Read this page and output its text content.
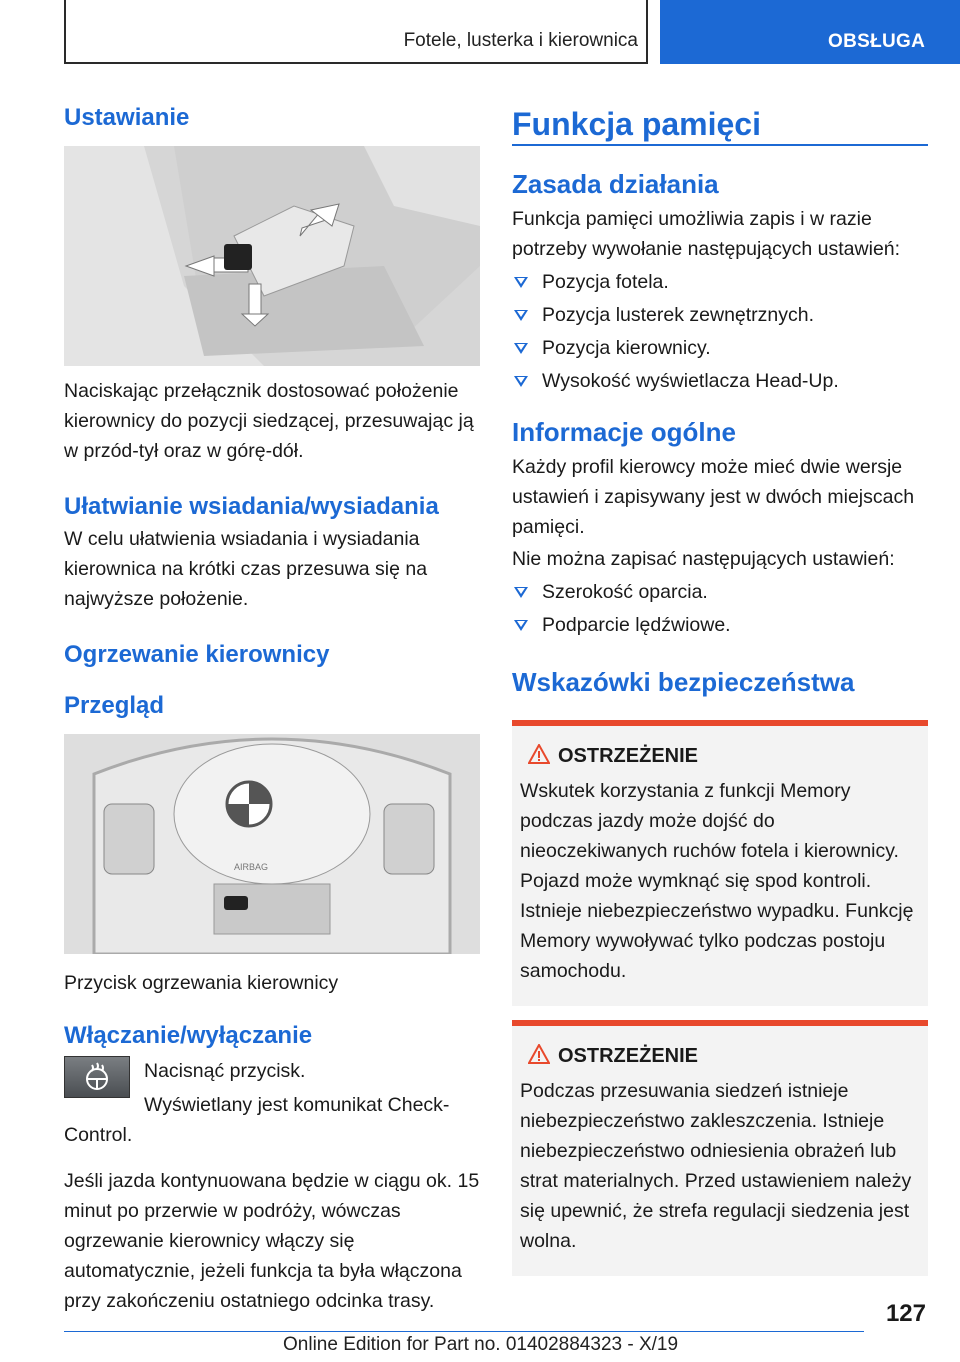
Fotele, lusterka i kierownica	OBSŁUGA
Ustawianie

Naciskając przełącznik dostosować położenie kierownicy do pozycji siedzącej, przesuwając ją w przód-tył oraz w górę-dół.

Ułatwianie wsiadania/wysiadania

W celu ułatwienia wsiadania i wysiadania kierownica na krótki czas przesuwa się na najwyższe położenie.

Ogrzewanie kierownicy
Przegląd
AIRBAG

Przycisk ogrzewania kierownicy

Włączanie/wyłączanie

Nacisnąć przycisk.

Wyświetlany jest komunikat Check-Control.

Jeśli jazda kontynuowana będzie w ciągu ok. 15 minut po przerwie w podróży, wówczas ogrzewanie kierownicy włączy się automatycznie, jeżeli funkcja ta była włączona przy zakończeniu ostatniego odcinka trasy.

Funkcja pamięci
Zasada działania

Funkcja pamięci umożliwia zapis i w razie potrzeby wywołanie następujących ustawień:

Pozycja fotela.
Pozycja lusterek zewnętrznych.
Pozycja kierownicy.
Wysokość wyświetlacza Head-Up.
Informacje ogólne

Każdy profil kierowcy może mieć dwie wersje ustawień i zapisywany jest w dwóch miejscach pamięci.

Nie można zapisać następujących ustawień:

Szerokość oparcia.
Podparcie lędźwiowe.
Wskazówki bezpieczeństwa
OSTRZEŻENIE

Wskutek korzystania z funkcji Memory podczas jazdy może dojść do nieoczekiwanych ruchów fotela i kierownicy. Pojazd może wymknąć się spod kontroli. Istnieje niebezpieczeństwo wypadku. Funkcję Memory wywoływać tylko podczas postoju samochodu.

OSTRZEŻENIE

Podczas przesuwania siedzeń istnieje niebezpieczeństwo zakleszczenia. Istnieje niebezpieczeństwo odniesienia obrażeń lub strat materialnych. Przed ustawieniem należy się upewnić, że strefa regulacji siedzenia jest wolna.

127
Online Edition for Part no. 01402884323 - X/19
